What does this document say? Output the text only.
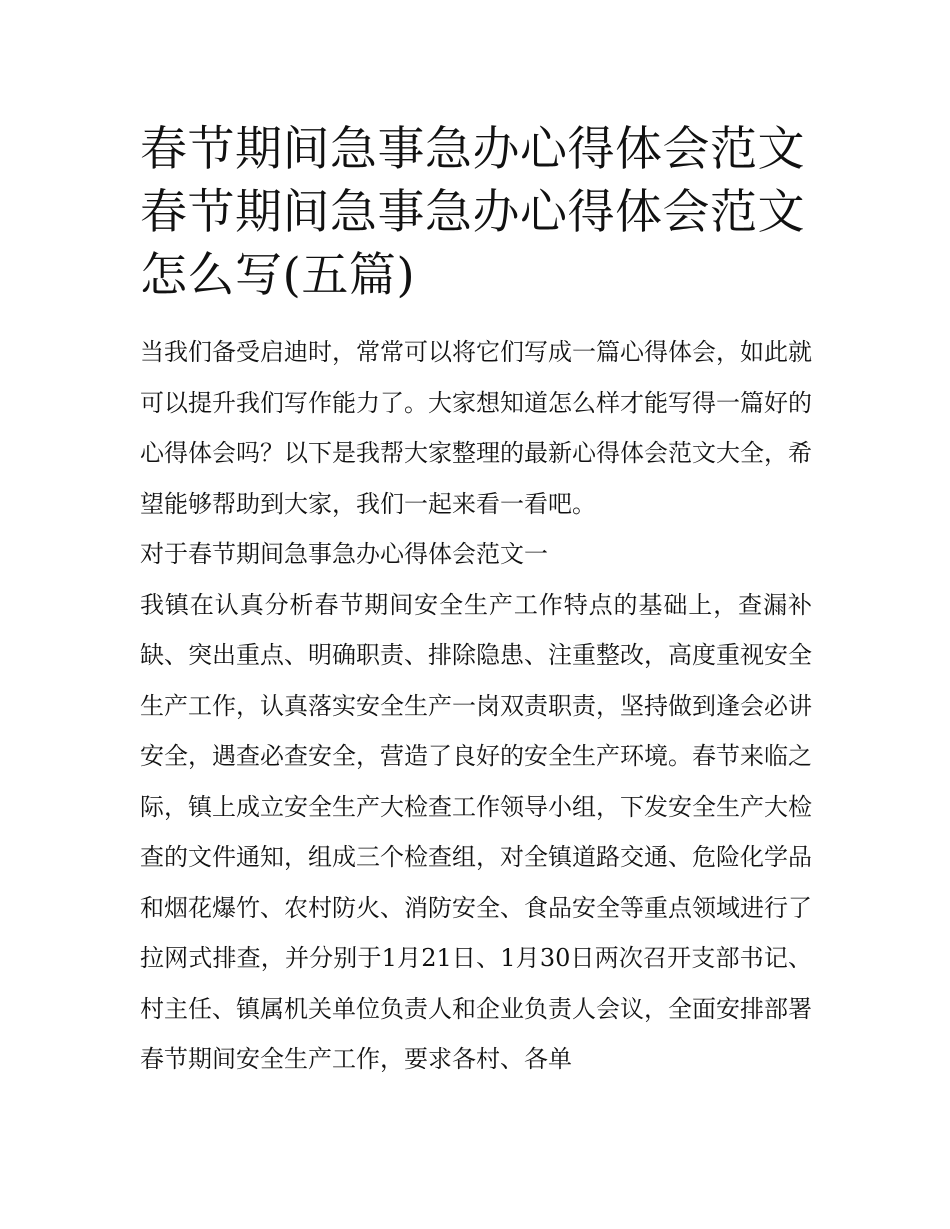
春节期间急事急办心得体会范文 春节期间急事急办心得体会范文怎么写(五篇)

当我们备受启迪时，常常可以将它们写成一篇心得体会，如此就可以提升我们写作能力了。大家想知道怎么样才能写得一篇好的心得体会吗？以下是我帮大家整理的最新心得体会范文大全，希望能够帮助到大家，我们一起来看一看吧。

对于春节期间急事急办心得体会范文一

我镇在认真分析春节期间安全生产工作特点的基础上，查漏补缺、突出重点、明确职责、排除隐患、注重整改，高度重视安全生产工作，认真落实安全生产一岗双责职责，坚持做到逢会必讲安全，遇查必查安全，营造了良好的安全生产环境。春节来临之际，镇上成立安全生产大检查工作领导小组，下发安全生产大检查的文件通知，组成三个检查组，对全镇道路交通、危险化学品和烟花爆竹、农村防火、消防安全、食品安全等重点领域进行了拉网式排查，并分别于1月21日、1月30日两次召开支部书记、村主任、镇属机关单位负责人和企业负责人会议，全面安排部署春节期间安全生产工作，要求各村、各单
